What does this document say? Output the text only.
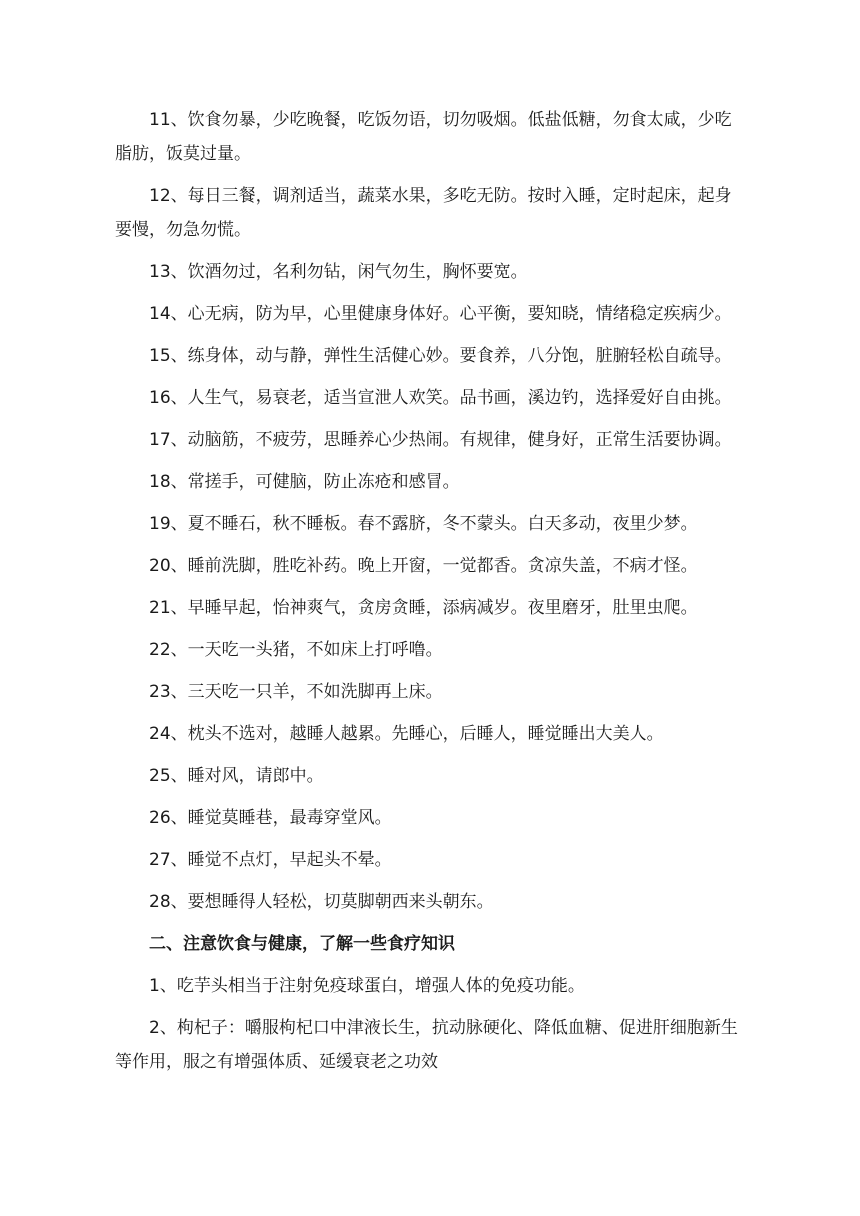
11、饮食勿暴，少吃晚餐，吃饭勿语，切勿吸烟。低盐低糖，勿食太咸，少吃脂肪，饭莫过量。

12、每日三餐，调剂适当，蔬菜水果，多吃无防。按时入睡，定时起床，起身要慢，勿急勿慌。

13、饮酒勿过，名利勿钻，闲气勿生，胸怀要宽。

14、心无病，防为早，心里健康身体好。心平衡，要知晓，情绪稳定疾病少。

15、练身体，动与静，弹性生活健心妙。要食养，八分饱，脏腑轻松自疏导。

16、人生气，易衰老，适当宣泄人欢笑。品书画，溪边钓，选择爱好自由挑。

17、动脑筋，不疲劳，思睡养心少热闹。有规律，健身好，正常生活要协调。

18、常搓手，可健脑，防止冻疮和感冒。

19、夏不睡石，秋不睡板。春不露脐，冬不蒙头。白天多动，夜里少梦。

20、睡前洗脚，胜吃补药。晚上开窗，一觉都香。贪凉失盖，不病才怪。

21、早睡早起，怡神爽气，贪房贪睡，添病减岁。夜里磨牙，肚里虫爬。

22、一天吃一头猪，不如床上打呼噜。

23、三天吃一只羊，不如洗脚再上床。

24、枕头不选对，越睡人越累。先睡心，后睡人，睡觉睡出大美人。

25、睡对风，请郎中。

26、睡觉莫睡巷，最毒穿堂风。

27、睡觉不点灯，早起头不晕。

28、要想睡得人轻松，切莫脚朝西来头朝东。

二、注意饮食与健康，了解一些食疗知识

1、吃芋头相当于注射免疫球蛋白，增强人体的免疫功能。

2、枸杞子：嚼服枸杞口中津液长生，抗动脉硬化、降低血糖、促进肝细胞新生等作用，服之有增强体质、延缓衰老之功效
